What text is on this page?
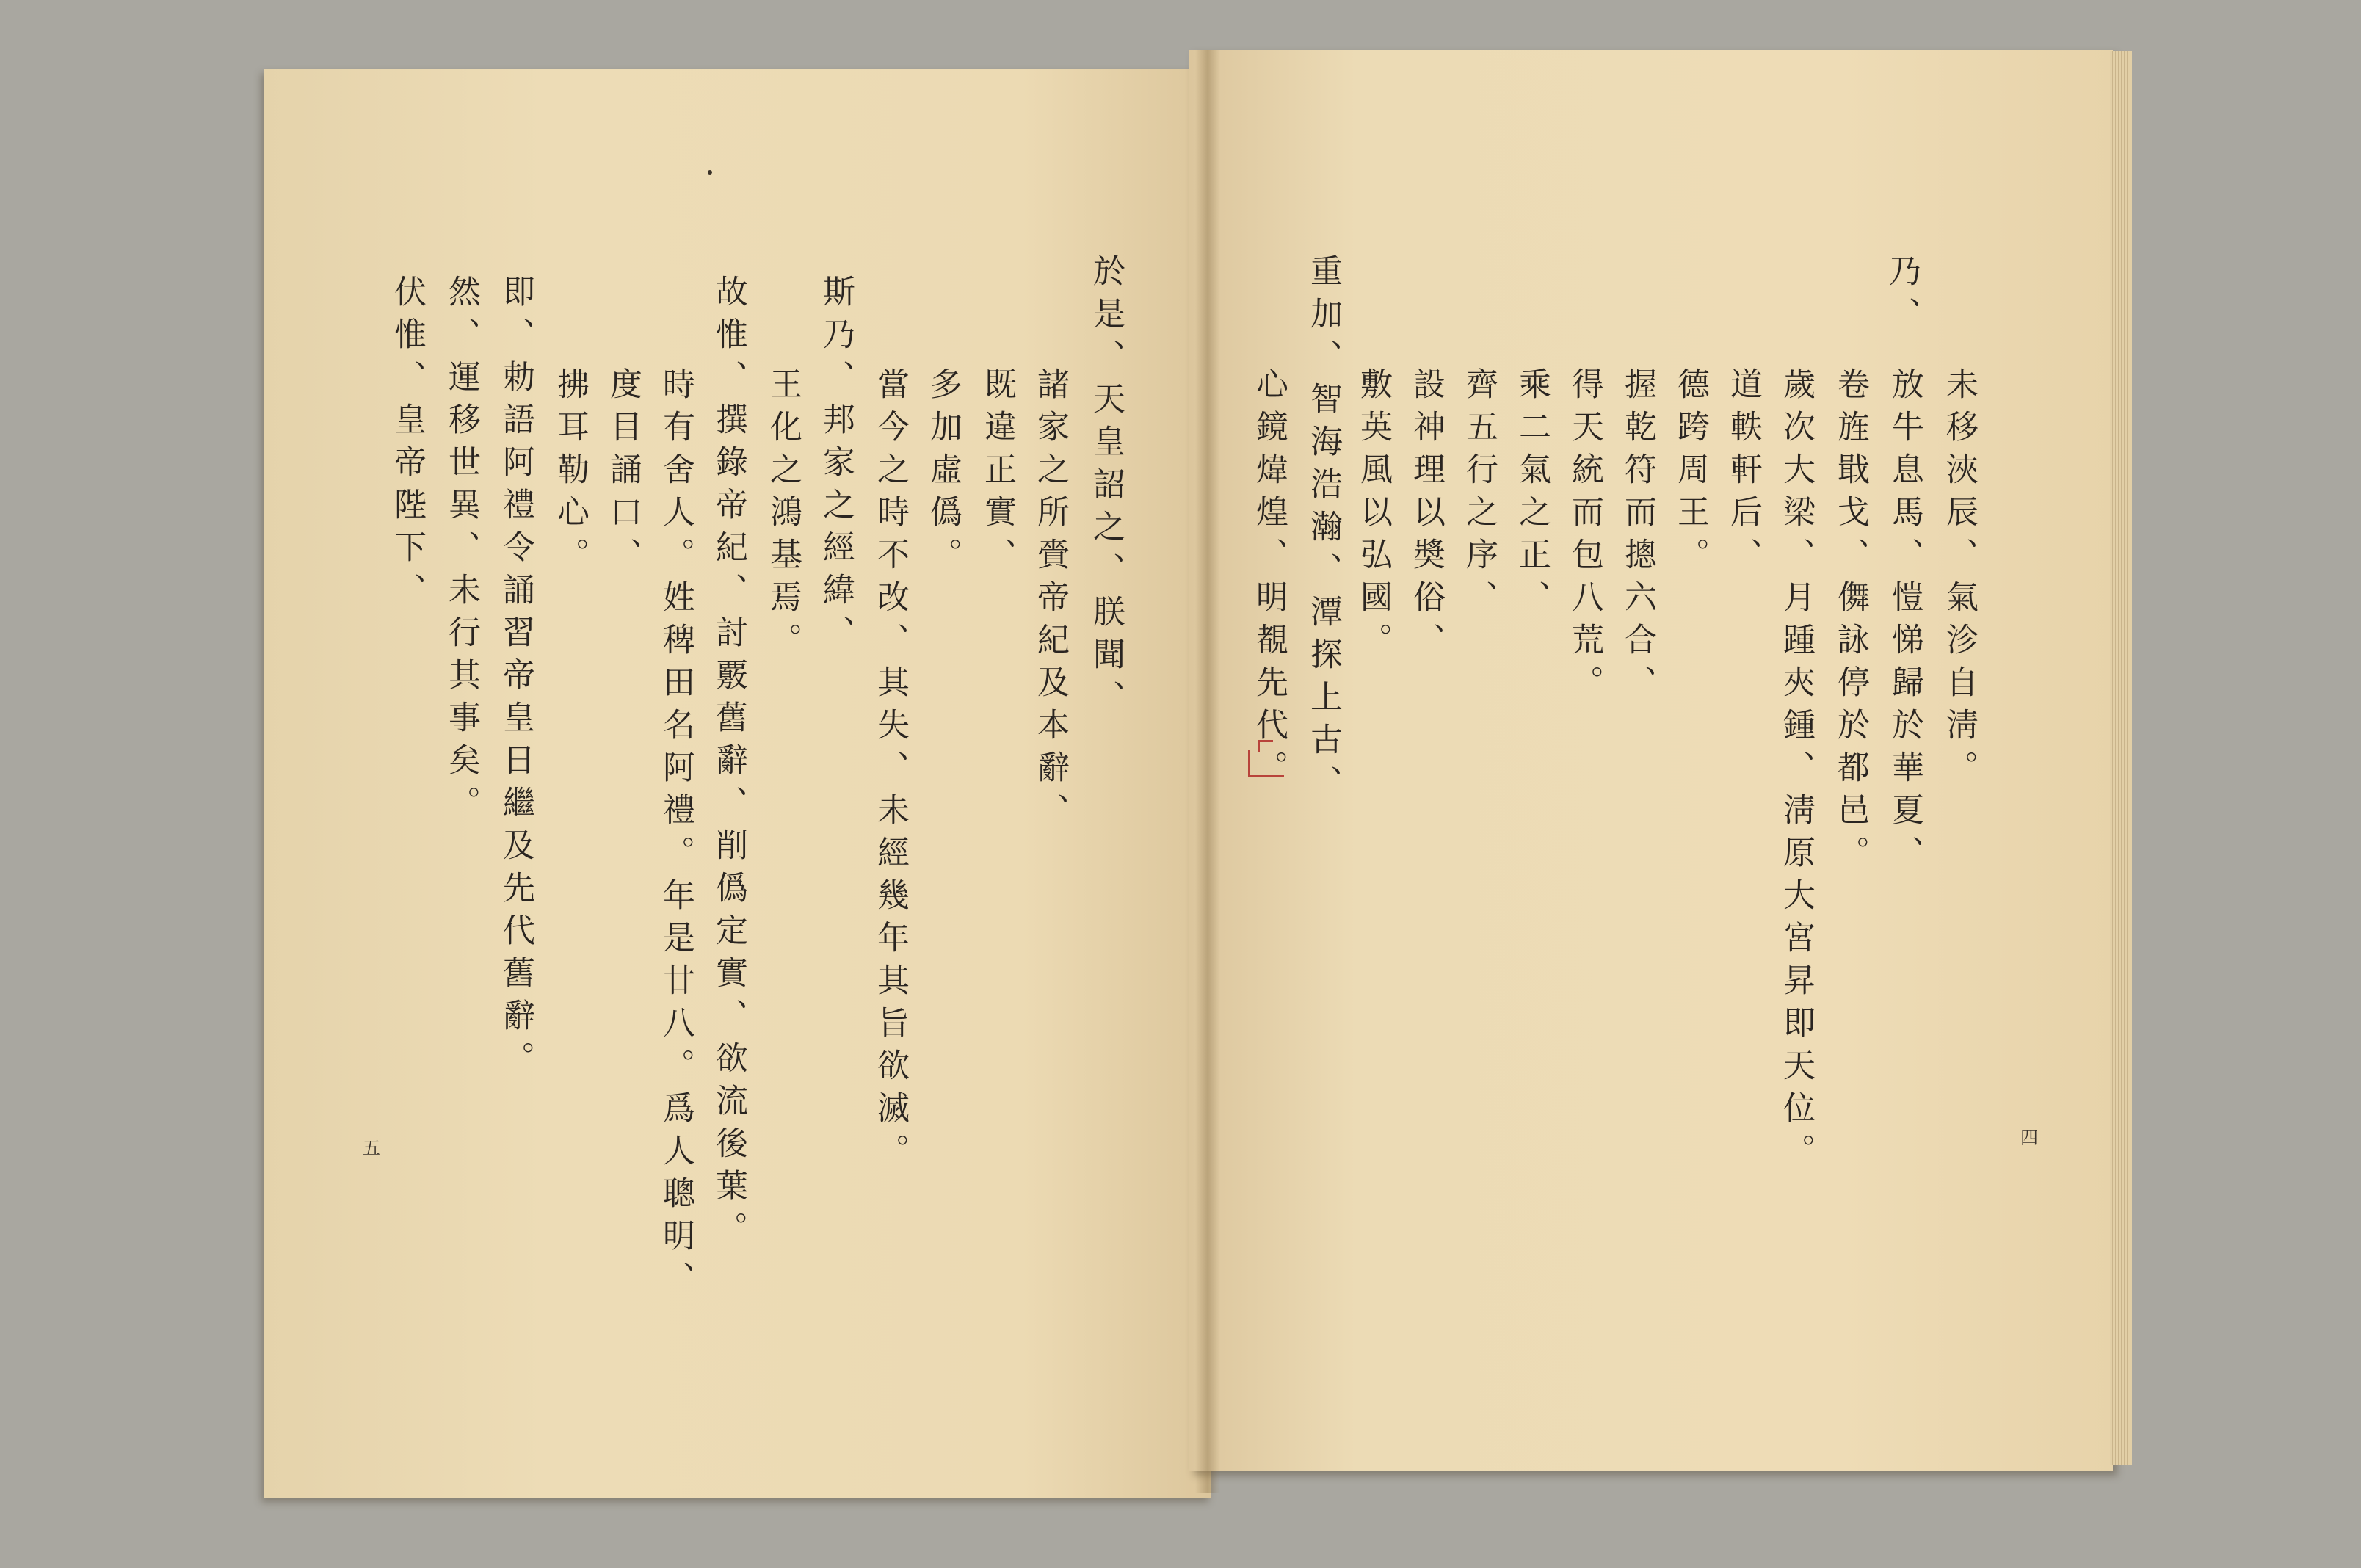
乃、
未移浹辰、氣沴自淸。
放牛息馬、愷悌歸於華夏、
卷旌戢戈、儛詠停於都邑。
歲次大梁、月踵夾鍾、淸原大宮昇即天位。
道軼軒后、
德跨周王。
握乾符而摠六合、
得天統而包八荒。
乘二氣之正、
齊五行之序、
設神理以奬俗、
敷英風以弘國。
重加、智海浩瀚、潭探上古、
心鏡煒煌、明覩先代。
四
於是、天皇詔之、朕聞、
諸家之所賫帝紀及本辭、
既違正實、
多加虛僞。
當今之時不改、其失、未經幾年其旨欲滅。
斯乃、邦家之經緯、
王化之鴻基焉。
故惟、撰錄帝紀、討覈舊辭、削僞定實、欲流後葉。
時有舍人。姓稗田名阿禮。年是廿八。爲人聰明、
度目誦口、
拂耳勒心。
即、勅語阿禮令誦習帝皇日繼及先代舊辭。
然、運移世異、未行其事矣。
伏惟、皇帝陛下、
五
